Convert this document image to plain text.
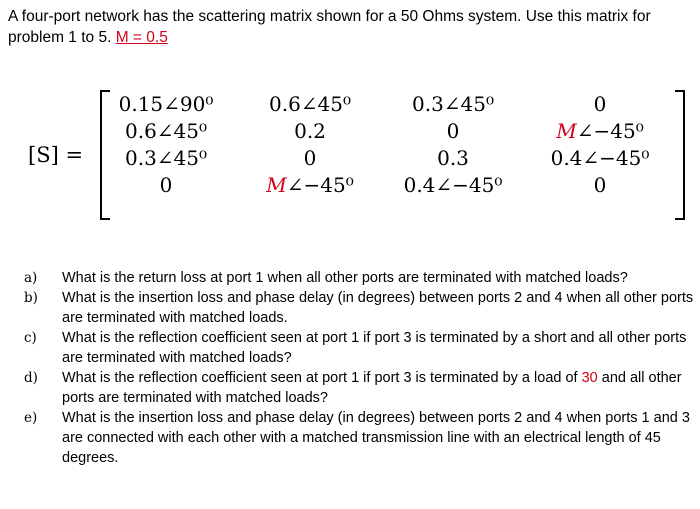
A four-port network has the scattering matrix shown for a 50 Ohms system. Use this matrix for problem 1 to 5. M = 0.5
[S] =
0.15∠90⁰	0.6∠45⁰	0.3∠45⁰	0
0.6∠45⁰	0.2	0	M∠−45⁰
0.3∠45⁰	0	0.3	0.4∠−45⁰
0	M∠−45⁰	0.4∠−45⁰	0
a) What is the return loss at port 1 when all other ports are terminated with matched loads?
b) What is the insertion loss and phase delay (in degrees) between ports 2 and 4 when all other ports are terminated with matched loads.
c) What is the reflection coefficient seen at port 1 if port 3 is terminated by a short and all other ports are terminated with matched loads?
d) What is the reflection coefficient seen at port 1 if port 3 is terminated by a load of 30 and all other ports are terminated with matched loads?
e) What is the insertion loss and phase delay (in degrees) between ports 2 and 4 when ports 1 and 3 are connected with each other with a matched transmission line with an electrical length of 45 degrees.
